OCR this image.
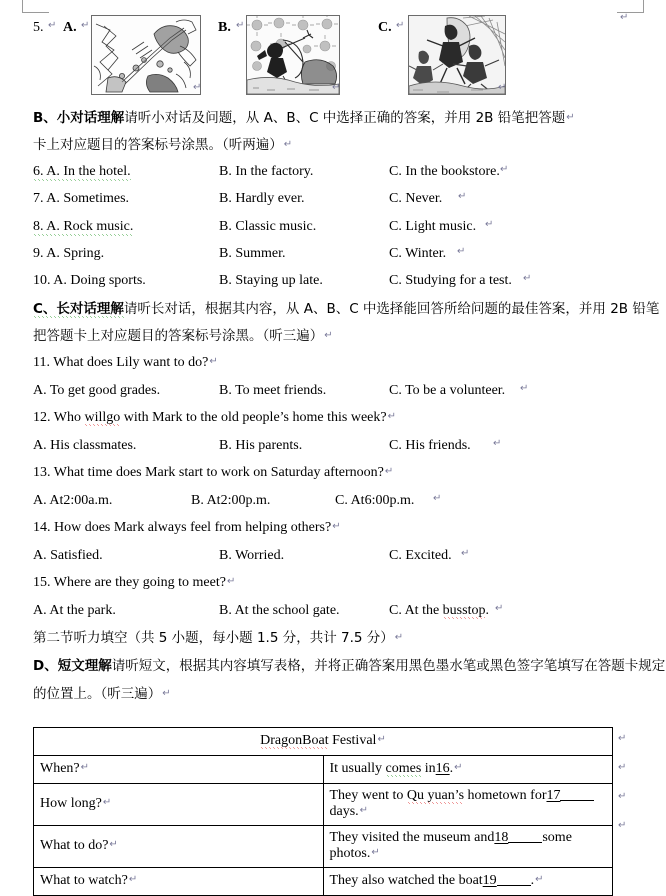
↵
5. ↵ A. ↵
↵
B. ↵
↵
C. ↵
↵
B、小对话理解请听小对话及问题，从 A、B、C 中选择正确的答案，并用 2B 铅笔把答题↵
卡上对应题目的答案标号涂黑。（听两遍）↵
6. A. In the hotel.	B. In the factory.	C. In the bookstore. ↵
7. A. Sometimes.	B. Hardly ever.	C. Never. ↵
8. A. Rock music.	B. Classic music.	C. Light music. ↵
9. A. Spring.	B. Summer.	C. Winter. ↵
10. A. Doing sports.	B. Staying up late.	C. Studying for a test. ↵
C、长对话理解请听长对话，根据其内容，从 A、B、C 中选择能回答所给问题的最佳答案，并用 2B 铅笔
把答题卡上对应题目的答案标号涂黑。（听三遍）↵
11. What does Lily want to do?↵
A. To get good grades.	B. To meet friends.	C. To be a volunteer. ↵
12. Who willgo with Mark to the old people’s home this week?↵
A. His classmates.	B. His parents.	C. His friends. ↵
13. What time does Mark start to work on Saturday afternoon?↵
A. At2:00a.m.	B. At2:00p.m.	C. At6:00p.m. ↵
14. How does Mark always feel from helping others?↵
A. Satisfied.	B. Worried.	C. Excited. ↵
15. Where are they going to meet?↵
A. At the park.	B. At the school gate.	C. At the busstop. ↵
第二节听力填空（共 5 小题，每小题 1.5 分，共计 7.5 分）↵
D、短文理解请听短文，根据其内容填写表格，并将正确答案用黑色墨水笔或黑色签字笔填写在答题卡规定
的位置上。（听三遍）↵
DragonBoat Festival↵	
When?↵	It usually comes in16.↵
How long?↵	They went to Qu yuan’s hometown for17days.↵
What to do?↵	They visited the museum and18 some photos.↵
What to watch?↵	They also watched the boat19 .↵
↵
↵
↵
↵
